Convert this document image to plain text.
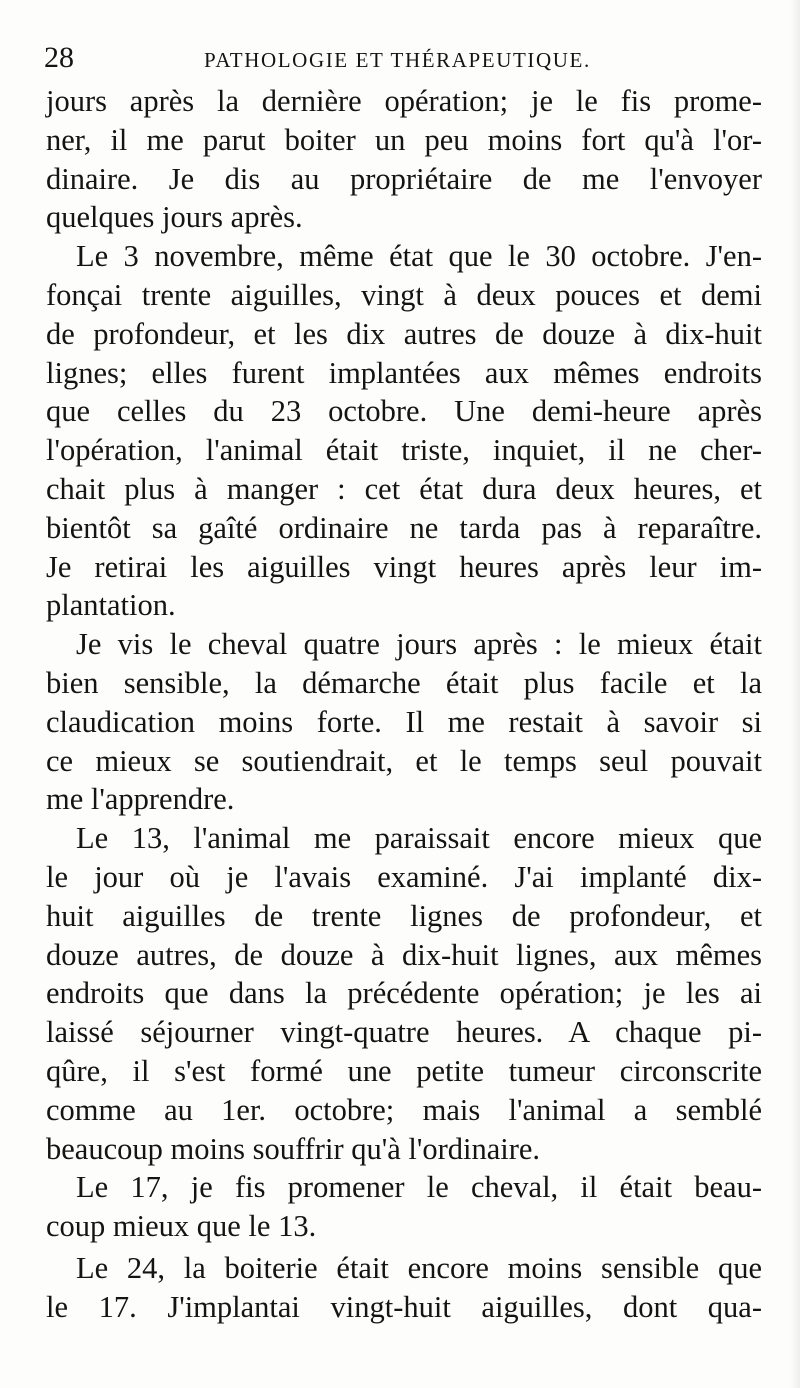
28	PATHOLOGIE ET THÉRAPEUTIQUE.
jours après la dernière opération; je le fis prome-
ner, il me parut boiter un peu moins fort qu'à l'or-
dinaire. Je dis au propriétaire de me l'envoyer
quelques jours après.
Le 3 novembre, même état que le 30 octobre. J'en-
fonçai trente aiguilles, vingt à deux pouces et demi
de profondeur, et les dix autres de douze à dix-huit
lignes; elles furent implantées aux mêmes endroits
que celles du 23 octobre. Une demi-heure après
l'opération, l'animal était triste, inquiet, il ne cher-
chait plus à manger : cet état dura deux heures, et
bientôt sa gaîté ordinaire ne tarda pas à reparaître.
Je retirai les aiguilles vingt heures après leur im-
plantation.
Je vis le cheval quatre jours après : le mieux était
bien sensible, la démarche était plus facile et la
claudication moins forte. Il me restait à savoir si
ce mieux se soutiendrait, et le temps seul pouvait
me l'apprendre.
Le 13, l'animal me paraissait encore mieux que
le jour où je l'avais examiné. J'ai implanté dix-
huit aiguilles de trente lignes de profondeur, et
douze autres, de douze à dix-huit lignes, aux mêmes
endroits que dans la précédente opération; je les ai
laissé séjourner vingt-quatre heures. A chaque pi-
qûre, il s'est formé une petite tumeur circonscrite
comme au 1er. octobre; mais l'animal a semblé
beaucoup moins souffrir qu'à l'ordinaire.
Le 17, je fis promener le cheval, il était beau-
coup mieux que le 13.
Le 24, la boiterie était encore moins sensible que
le 17. J'implantai vingt-huit aiguilles, dont qua-
